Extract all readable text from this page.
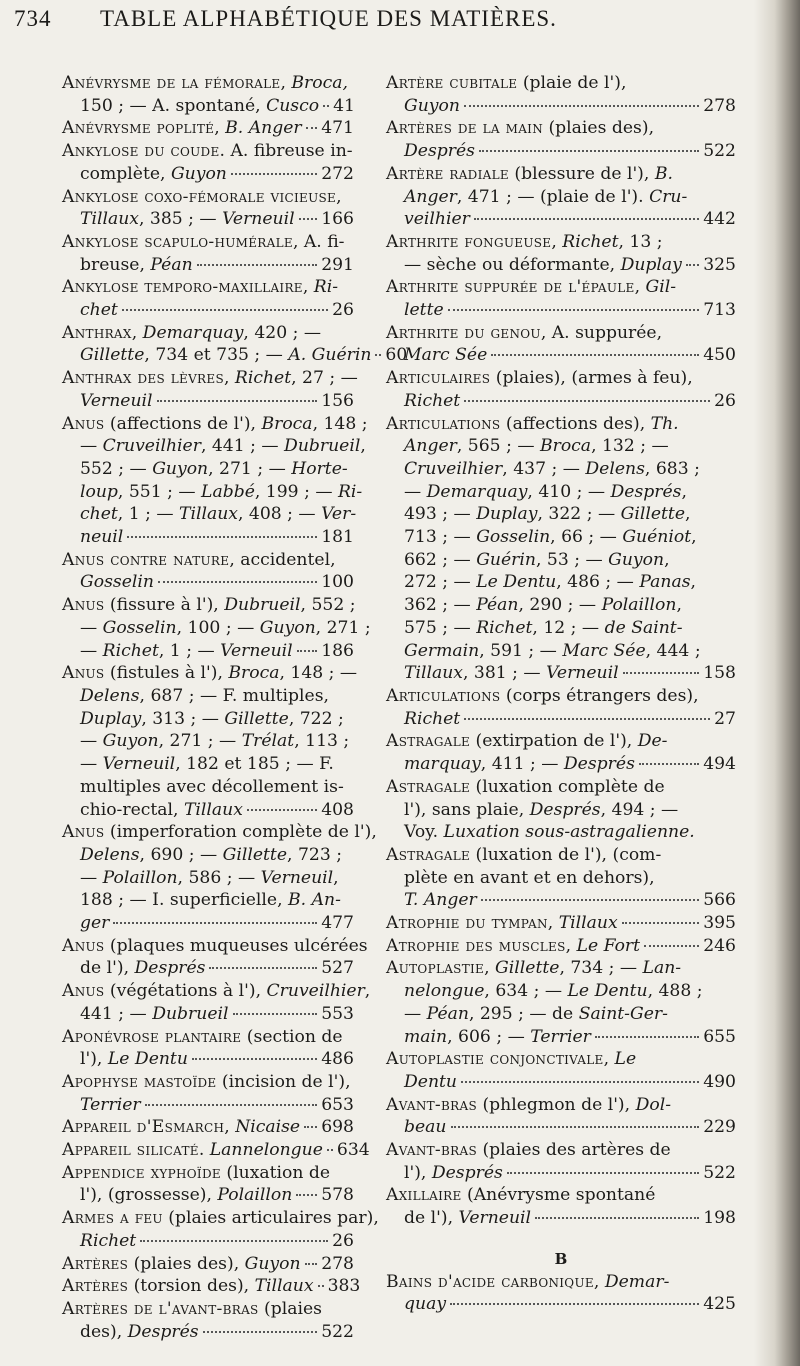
734 TABLE ALPHABÉTIQUE DES MATIÈRES.
Anévrysme de la fémorale, Broca,
150 ; — A. spontané, Cusco 41
Anévrysme poplité, B. Anger 471
Ankylose du coude. A. fibreuse in-
complète, Guyon	272
Ankylose coxo-fémorale vicieuse,
Tillaux, 385 ; — Verneuil 166
Ankylose scapulo-humérale, A. fi-
breuse, Péan	291
Ankylose temporo-maxillaire, Ri-
chet	26
Anthrax, Demarquay, 420 ; —
Gillette, 734 et 735 ; — A. Guérin 60
Anthrax des lèvres, Richet, 27 ; —
Verneuil	156
Anus (affections de l'), Broca, 148 ;
— Cruveilhier, 441 ; — Dubrueil,
552 ; — Guyon, 271 ; — Horte-
loup, 551 ; — Labbé, 199 ; — Ri-
chet, 1 ; — Tillaux, 408 ; — Ver-
neuil	181
Anus contre nature, accidentel,
Gosselin	100
Anus (fissure à l'), Dubrueil, 552 ;
— Gosselin, 100 ; — Guyon, 271 ;
— Richet, 1 ; — Verneuil 186
Anus (fistules à l'), Broca, 148 ; —
Delens, 687 ; — F. multiples,
Duplay, 313 ; — Gillette, 722 ;
— Guyon, 271 ; — Trélat, 113 ;
— Verneuil, 182 et 185 ; — F.
multiples avec décollement is-
chio-rectal, Tillaux	408
Anus (imperforation complète de l'),
Delens, 690 ; — Gillette, 723 ;
— Polaillon, 586 ; — Verneuil,
188 ; — I. superficielle, B. An-
ger	477
Anus (plaques muqueuses ulcérées
de l'), Després	527
Anus (végétations à l'), Cruveilhier,
441 ; — Dubrueil	553
Aponévrose plantaire (section de
l'), Le Dentu	486
Apophyse mastoïde (incision de l'),
Terrier	653
Appareil d'Esmarch, Nicaise 698
Appareil silicaté. Lannelongue 634
Appendice xyphoïde (luxation de
l'), (grossesse), Polaillon 578
Armes a feu (plaies articulaires par),
Richet	26
Artères (plaies des), Guyon 278
Artères (torsion des), Tillaux 383
Artères de l'avant-bras (plaies
des), Després	522
Artère cubitale (plaie de l'),
Guyon	278
Artères de la main (plaies des),
Després	522
Artère radiale (blessure de l'), B.
Anger, 471 ; — (plaie de l'). Cru-
veilhier	442
Arthrite fongueuse, Richet, 13 ;
— sèche ou déformante, Duplay 325
Arthrite suppurée de l'épaule, Gil-
lette	713
Arthrite du genou, A. suppurée,
Marc Sée	450
Articulaires (plaies), (armes à feu),
Richet	26
Articulations (affections des), Th.
Anger, 565 ; — Broca, 132 ; —
Cruveilhier, 437 ; — Delens, 683 ;
— Demarquay, 410 ; — Després,
493 ; — Duplay, 322 ; — Gillette,
713 ; — Gosselin, 66 ; — Guéniot,
662 ; — Guérin, 53 ; — Guyon,
272 ; — Le Dentu, 486 ; — Panas,
362 ; — Péan, 290 ; — Polaillon,
575 ; — Richet, 12 ; — de Saint-
Germain, 591 ; — Marc Sée, 444 ;
Tillaux, 381 ; — Verneuil	158
Articulations (corps étrangers des),
Richet	27
Astragale (extirpation de l'), De-
marquay, 411 ; — Després	494
Astragale (luxation complète de
l'), sans plaie, Després, 494 ; —
Voy. Luxation sous-astragalienne.
Astragale (luxation de l'), (com-
plète en avant et en dehors),
T. Anger	566
Atrophie du tympan, Tillaux	395
Atrophie des muscles, Le Fort	246
Autoplastie, Gillette, 734 ; — Lan-
nelongue, 634 ; — Le Dentu, 488 ;
— Péan, 295 ; — de Saint-Ger-
main, 606 ; — Terrier	655
Autoplastie conjonctivale, Le
Dentu	490
Avant-bras (phlegmon de l'), Dol-
beau	229
Avant-bras (plaies des artères de
l'), Després	522
Axillaire (Anévrysme spontané
de l'), Verneuil	198
B
Bains d'acide carbonique, Demar-
quay	425
